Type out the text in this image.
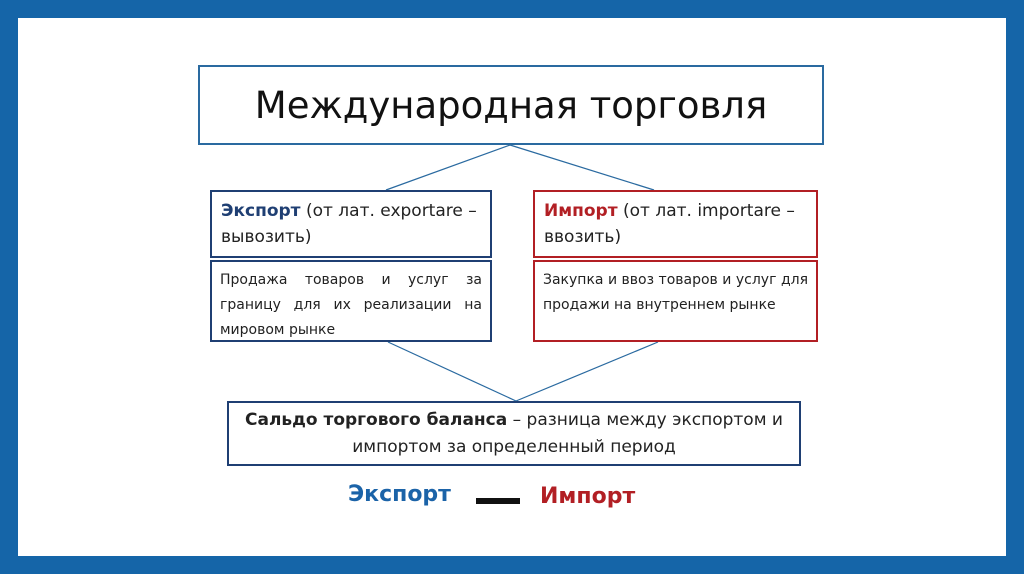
Международная торговля
Экспорт (от лат. exportare – вывозить)
Продажа товаров и услуг за границу для их реализации на мировом рынке
Импорт (от лат. importare – ввозить)
Закупка и ввоз товаров и услуг для продажи на внутреннем рынке
Сальдо торгового баланса – разница между экспортом и импортом за определенный период
Экспорт	Импорт
